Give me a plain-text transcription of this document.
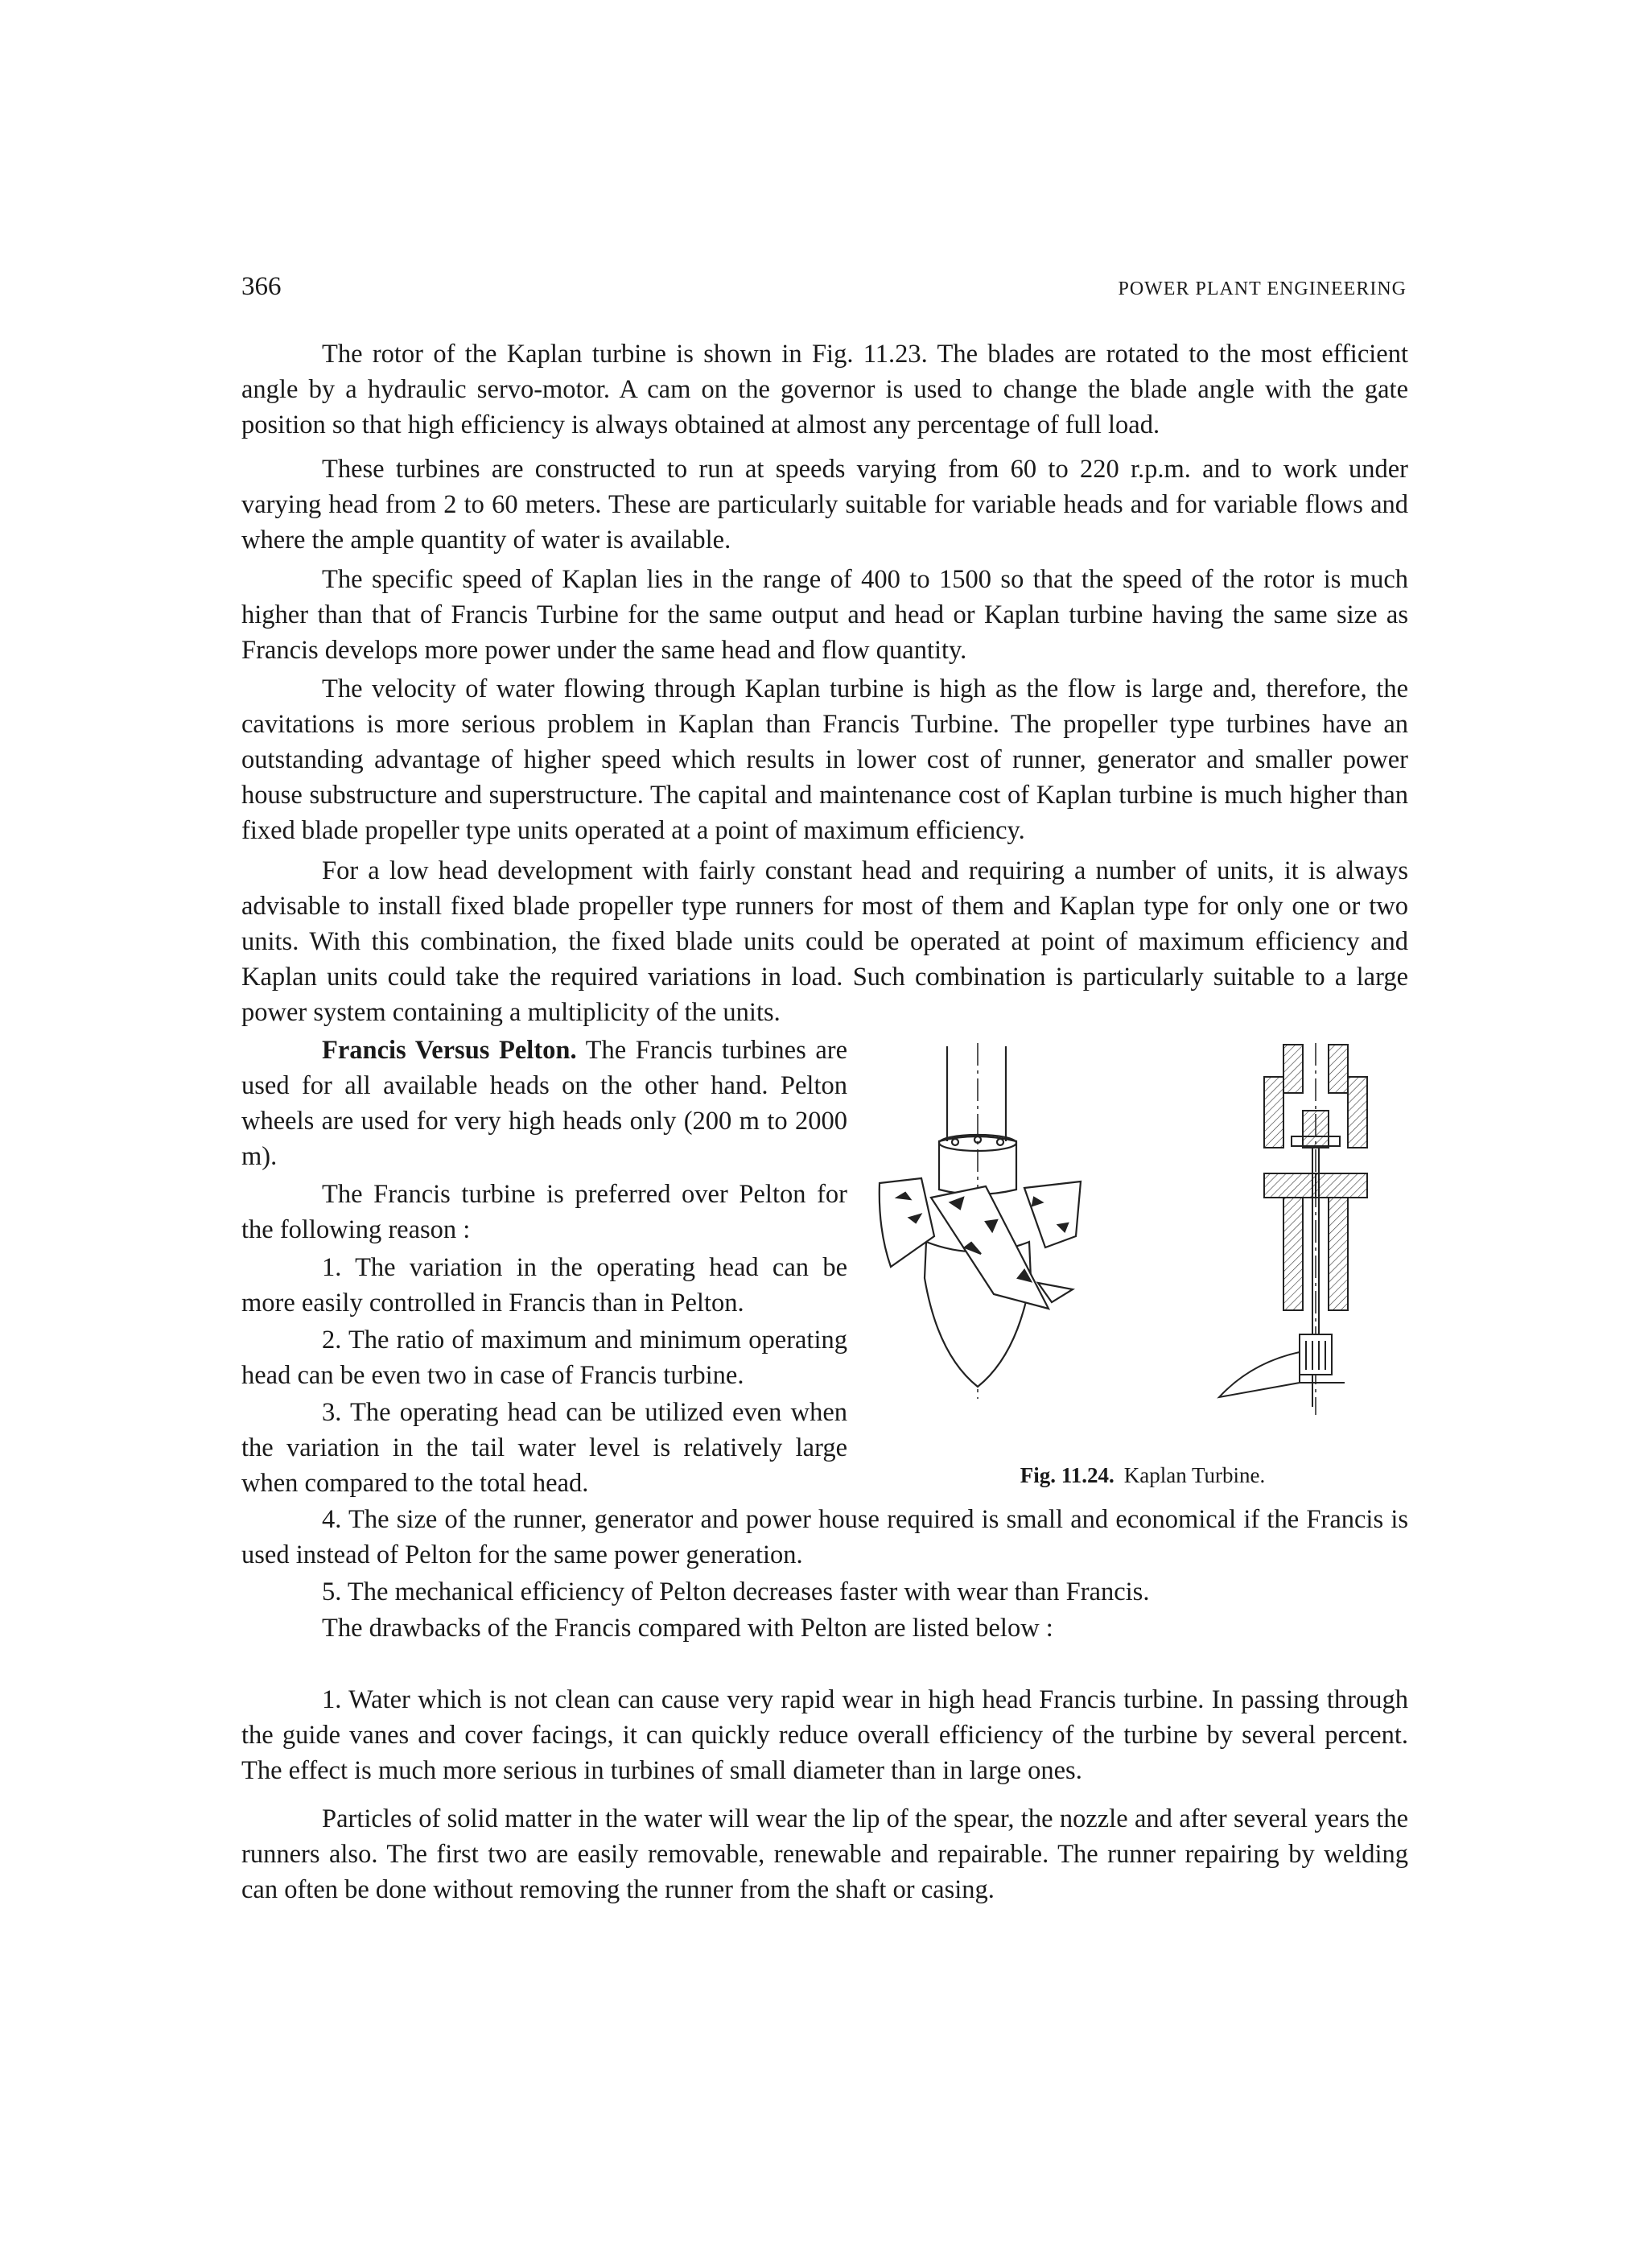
366	POWER PLANT ENGINEERING

The rotor of the Kaplan turbine is shown in Fig. 11.23. The blades are rotated to the most efficient angle by a hydraulic servo-motor. A cam on the governor is used to change the blade angle with the gate position so that high efficiency is always obtained at almost any percentage of full load.

These turbines are constructed to run at speeds varying from 60 to 220 r.p.m. and to work under varying head from 2 to 60 meters. These are particularly suitable for variable heads and for variable flows and where the ample quantity of water is available.

The specific speed of Kaplan lies in the range of 400 to 1500 so that the speed of the rotor is much higher than that of Francis Turbine for the same output and head or Kaplan turbine having the same size as Francis develops more power under the same head and flow quantity.

The velocity of water flowing through Kaplan turbine is high as the flow is large and, therefore, the cavitations is more serious problem in Kaplan than Francis Turbine. The propeller type turbines have an outstanding advantage of higher speed which results in lower cost of runner, generator and smaller power house substructure and superstructure. The capital and maintenance cost of Kaplan turbine is much higher than fixed blade propeller type units operated at a point of maximum efficiency.

For a low head development with fairly constant head and requiring a number of units, it is always advisable to install fixed blade propeller type runners for most of them and Kaplan type for only one or two units. With this combination, the fixed blade units could be operated at point of maximum efficiency and Kaplan units could take the required variations in load. Such combination is particularly suitable to a large power system containing a multiplicity of the units.

Francis Versus Pelton. The Francis turbines are used for all available heads on the other hand. Pelton wheels are used for very high heads only (200 m to 2000 m).

The Francis turbine is preferred over Pelton for the following reason :

1. The variation in the operating head can be more easily controlled in Francis than in Pelton.

2. The ratio of maximum and minimum operating head can be even two in case of Francis turbine.

3. The operating head can be utilized even when the variation in the tail water level is relatively large when compared to the total head.

4. The size of the runner, generator and power house required is small and economical if the Francis is used instead of Pelton for the same power generation.

5. The mechanical efficiency of Pelton decreases faster with wear than Francis.

The drawbacks of the Francis compared with Pelton are listed below :

1. Water which is not clean can cause very rapid wear in high head Francis turbine. In passing through the guide vanes and cover facings, it can quickly reduce overall efficiency of the turbine by several percent. The effect is much more serious in turbines of small diameter than in large ones.

Particles of solid matter in the water will wear the lip of the spear, the nozzle and after several years the runners also. The first two are easily removable, renewable and repairable. The runner repairing by welding can often be done without removing the runner from the shaft or casing.

Fig. 11.24. Kaplan Turbine.
